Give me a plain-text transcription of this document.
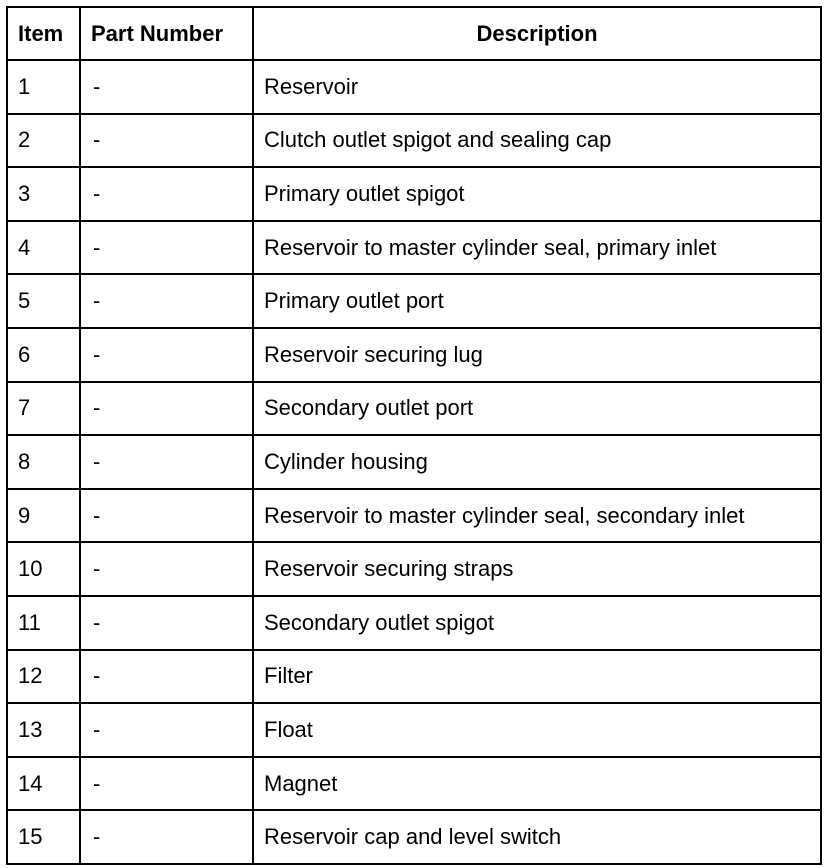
Item	Part Number	Description
1	-	Reservoir
2	-	Clutch outlet spigot and sealing cap
3	-	Primary outlet spigot
4	-	Reservoir to master cylinder seal, primary inlet
5	-	Primary outlet port
6	-	Reservoir securing lug
7	-	Secondary outlet port
8	-	Cylinder housing
9	-	Reservoir to master cylinder seal, secondary inlet
10	-	Reservoir securing straps
11	-	Secondary outlet spigot
12	-	Filter
13	-	Float
14	-	Magnet
15	-	Reservoir cap and level switch
